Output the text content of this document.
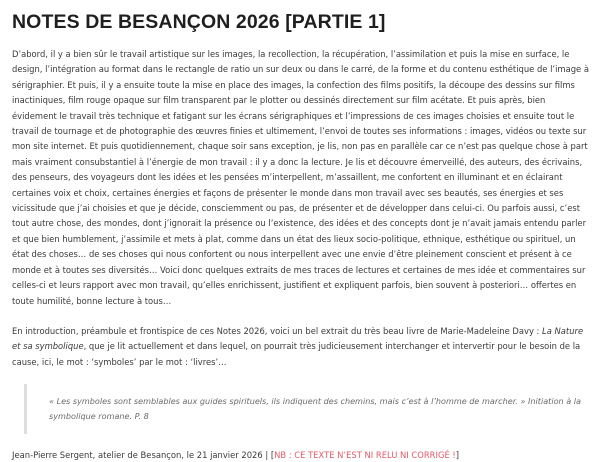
NOTES DE BESANÇON 2026 [PARTIE 1]

D’abord, il y a bien sûr le travail artistique sur les images, la recollection, la récupération, l’assimilation et puis la mise en surface, le design, l’intégration au format dans le rectangle de ratio un sur deux ou dans le carré, de la forme et du contenu esthétique de l’image à sérigraphier. Et puis, il y a ensuite toute la mise en place des images, la confection des films positifs, la découpe des dessins sur films inactiniques, film rouge opaque sur film transparent par le plotter ou dessinés directement sur film acétate. Et puis après, bien évidement le travail très technique et fatigant sur les écrans sérigraphiques et l’impressions de ces images choisies et ensuite tout le travail de tournage et de photographie des œuvres finies et ultimement, l’envoi de toutes ses informations : images, vidéos ou texte sur mon site internet. Et puis quotidiennement, chaque soir sans exception, je lis, non pas en parallèle car ce n’est pas quelque chose à part mais vraiment consubstantiel à l’énergie de mon travail : il y a donc la lecture. Je lis et découvre émerveillé, des auteurs, des écrivains, des penseurs, des voyageurs dont les idées et les pensées m’interpellent, m’assaillent, me confortent en illuminant et en éclairant certaines voix et choix, certaines énergies et façons de présenter le monde dans mon travail avec ses beautés, ses énergies et ses vicissitude que j’ai choisies et que je décide, consciemment ou pas, de présenter et de développer dans celui-ci. Ou parfois aussi, c’est tout autre chose, des mondes, dont j’ignorait la présence ou l’existence, des idées et des concepts dont je n’avait jamais entendu parler et que bien humblement, j’assimile et mets à plat, comme dans un état des lieux socio-politique, ethnique, esthétique ou spirituel, un état des choses… de ses choses qui nous confortent ou nous interpellent avec une envie d’être pleinement conscient et présent à ce monde et à toutes ses diversités… Voici donc quelques extraits de mes traces de lectures et certaines de mes idée et commentaires sur celles-ci et leurs rapport avec mon travail, qu’elles enrichissent, justifient et expliquent parfois, bien souvent à posteriori… offertes en toute humilité, bonne lecture à tous…

En introduction, préambule et frontispice de ces Notes 2026, voici un bel extrait du très beau livre de Marie-Madeleine Davy : La Nature et sa symbolique, que je lit actuellement et dans lequel, on pourrait très judicieusement interchanger et intervertir pour le besoin de la cause, ici, le mot : ‘symboles’ par le mot : ‘livres’…

« Les symboles sont semblables aux guides spirituels, ils indiquent des chemins, mais c’est à l’homme de marcher. » Initiation à la symbolique romane. P. 8
Jean-Pierre Sergent, atelier de Besançon, le 21 janvier 2026 | [NB : CE TEXTE N’EST NI RELU NI CORRIGÉ !]
